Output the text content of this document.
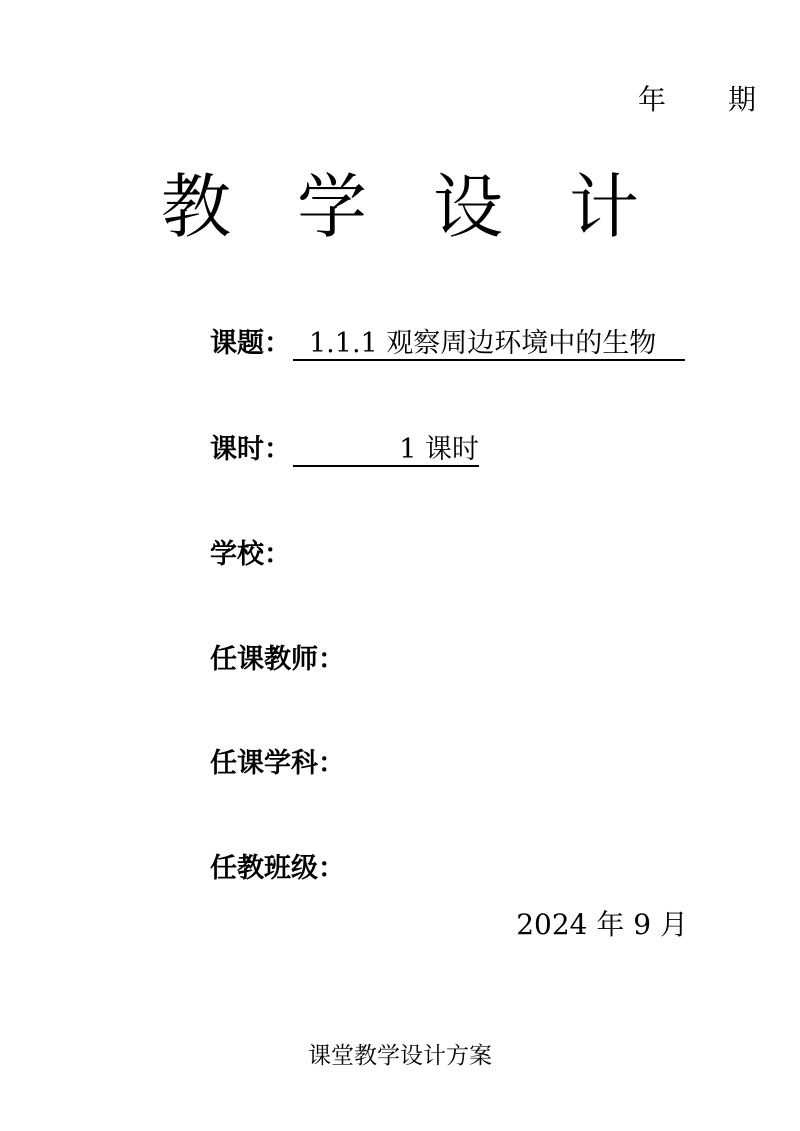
年 期
教 学 设 计
课题： 1.1.1 观察周边环境中的生物
课时：	1 课时
学校：
任课教师：
任课学科：
任教班级：
2024 年 9 月
课堂教学设计方案
